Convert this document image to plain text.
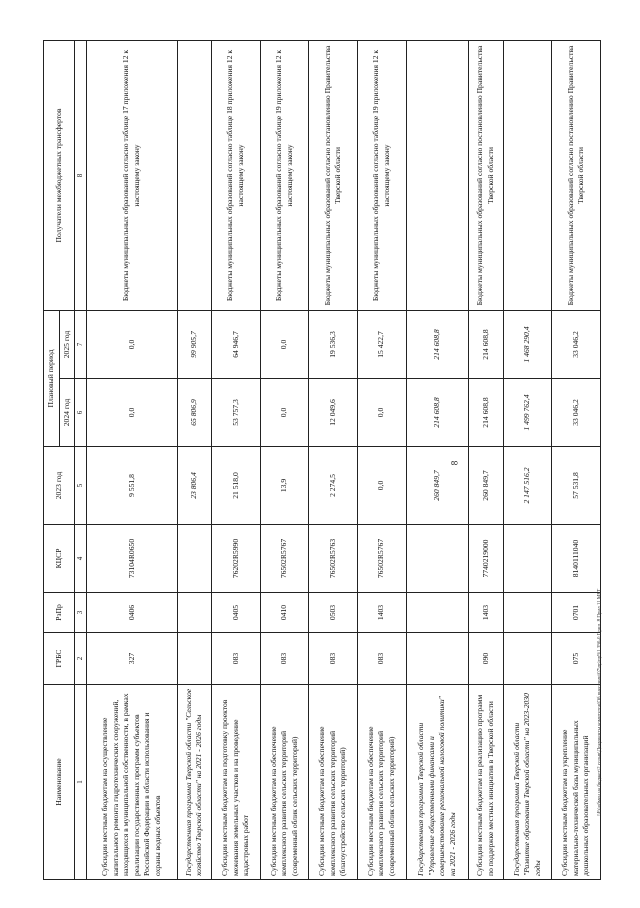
8
Наименование	ГРБС	РзПр	КЦСР	2023 год	Плановый период		Получатели межбюджетных трансфертов
					2024 год	2025 год	
1	2	3	4	5	6	7	8
Субсидии местным бюджетам на осуществление капитального ремонта гидротехнических сооружений, находящихся в муниципальной собственности, в рамках реализации государственных программ субъектов Российской Федерации в области использования и охраны водных объектов	327	0406	73104R0650	9 551,8	0,0	0,0	Бюджеты муниципальных образований согласно таблице 17 приложения 12 к настоящему закону
Государственная программа Тверской области "Сельское хозяйство Тверской области" на 2021 - 2026 годы				23 806,4	65 806,9	99 905,7	
Субсидии местным бюджетам на подготовку проектов межевания земельных участков и на проведение кадастровых работ	083	0405	76202R5990	21 518,0	53 757,3	64 946,7	Бюджеты муниципальных образований согласно таблице 18 приложения 12 к настоящему закону
Субсидии местным бюджетам на обеспечение комплексного развития сельских территорий (современный облик сельских территорий)	083	0410	76502R5767	13,9	0,0	0,0	Бюджеты муниципальных образований согласно таблице 19 приложения 12 к настоящему закону
Субсидии местным бюджетам на обеспечение комплексного развития сельских территорий (благоустройство сельских территорий)	083	0503	76502R5763	2 274,5	12 049,6	19 536,3	Бюджеты муниципальных образований согласно постановлению Правительства Тверской области
Субсидии местным бюджетам на обеспечение комплексного развития сельских территорий (современный облик сельских территорий)	083	1403	76502R5767	0,0	0,0	15 422,7	Бюджеты муниципальных образований согласно таблице 19 приложения 12 к настоящему закону
Государственная программа Тверской области "Управление общественными финансами и совершенствование региональной налоговой политики" на 2021 - 2026 годы				260 849,7	214 608,8	214 608,8	
Субсидии местным бюджетам на реализацию программ по поддержке местных инициатив в Тверской области	090	1403	7740219000	260 849,7	214 608,8	214 608,8	Бюджеты муниципальных образований согласно постановлению Правительства Тверской области
Государственная программа Тверской области "Развитие образования Тверской области" на 2023-2030 годы				2 147 516,2	1 499 762,4	1 468 290,4	
Субсидии местным бюджетам на укрепление материально-технической базы муниципальных дошкольных образовательных организаций	075	0701	8140111040	57 531,8	33 046,2	33 046,2	Бюджеты муниципальных образований согласно постановлению Правительства Тверской области
\\Fs\обмен на бюджет\2 созыв\Документы комитетов\Об внесении\07\пр\пр9\1 390-0 Прил. 8 Прил 11 МБТ
